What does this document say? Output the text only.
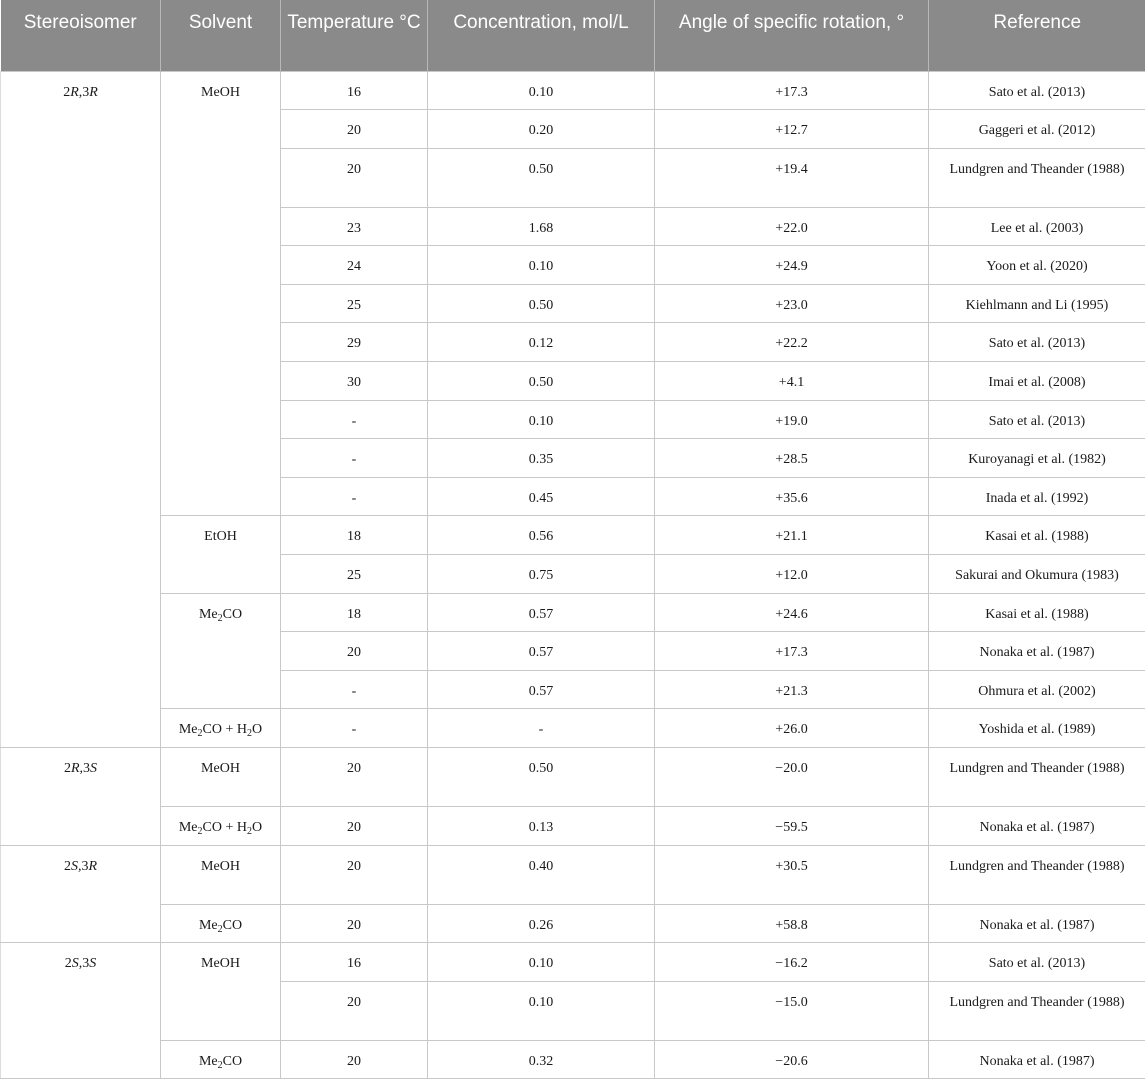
Stereoisomer	Solvent	Temperature °C	Concentration, mol/L	Angle of specific rotation, °	Reference
2R,3R	MeOH	16	0.10	+17.3	Sato et al. (2013)
		20	0.20	+12.7	Gaggeri et al. (2012)
		20	0.50	+19.4	Lundgren and Theander (1988)
		23	1.68	+22.0	Lee et al. (2003)
		24	0.10	+24.9	Yoon et al. (2020)
		25	0.50	+23.0	Kiehlmann and Li (1995)
		29	0.12	+22.2	Sato et al. (2013)
		30	0.50	+4.1	Imai et al. (2008)
		-	0.10	+19.0	Sato et al. (2013)
		-	0.35	+28.5	Kuroyanagi et al. (1982)
		-	0.45	+35.6	Inada et al. (1992)
	EtOH	18	0.56	+21.1	Kasai et al. (1988)
		25	0.75	+12.0	Sakurai and Okumura (1983)
	$Me_2CO$	18	0.57	+24.6	Kasai et al. (1988)
		20	0.57	+17.3	Nonaka et al. (1987)
		-	0.57	+21.3	Ohmura et al. (2002)
	$Me_2CO + H_2O$	-	-	+26.0	Yoshida et al. (1989)
2R,3S	MeOH	20	0.50	−20.0	Lundgren and Theander (1988)
	$Me_2CO + H_2O$	20	0.13	−59.5	Nonaka et al. (1987)
2S,3R	MeOH	20	0.40	+30.5	Lundgren and Theander (1988)
	$Me_2CO$	20	0.26	+58.8	Nonaka et al. (1987)
2S,3S	MeOH	16	0.10	−16.2	Sato et al. (2013)
		20	0.10	−15.0	Lundgren and Theander (1988)
	$Me_2CO$	20	0.32	−20.6	Nonaka et al. (1987)
